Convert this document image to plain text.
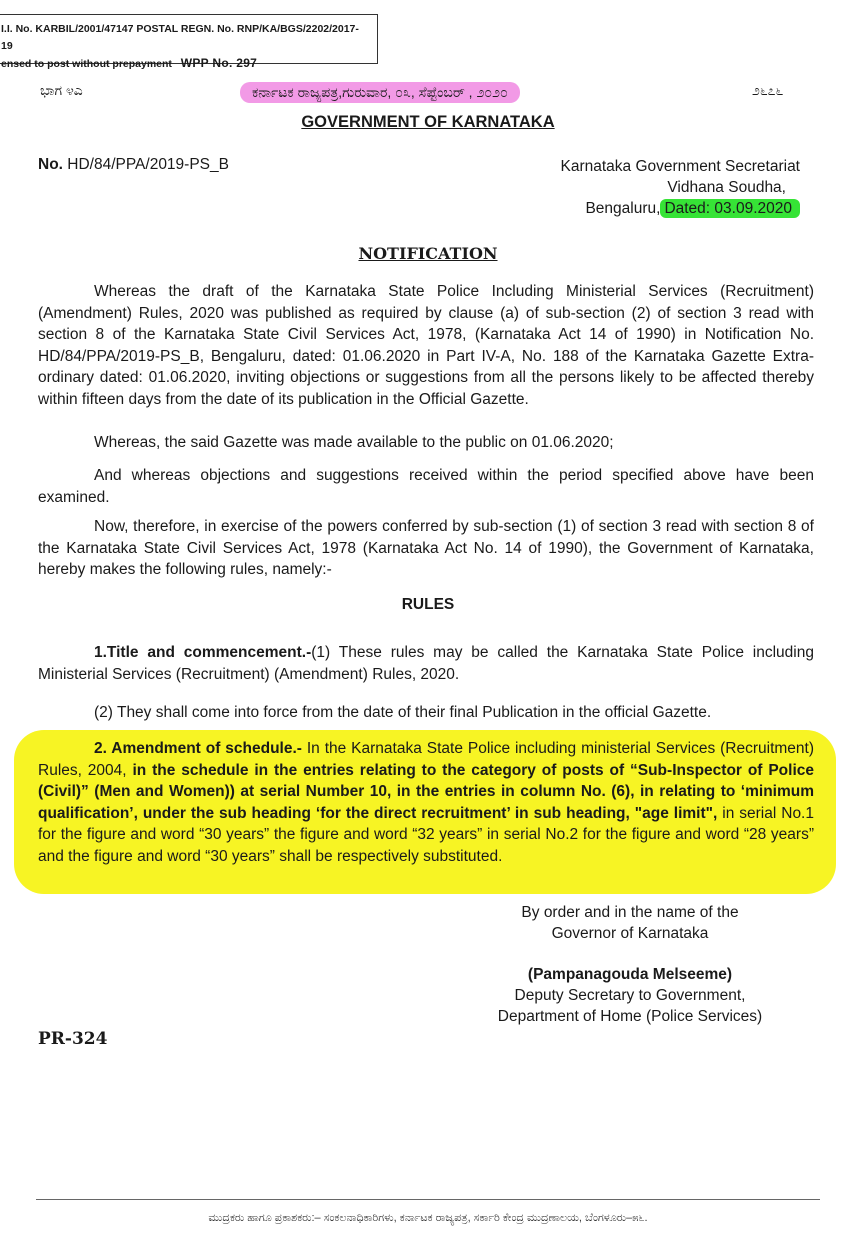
I.I. No. KARBIL/2001/47147 POSTAL REGN. No. RNP/KA/BGS/2202/2017-19
ensed to post without prepayment WPP No. 297
ಭಾಗ ೪ಎ	ಕರ್ನಾಟಕ ರಾಜ್ಯಪತ್ರ,ಗುರುವಾರ, ೦೩, ಸೆಪ್ಟೆಂಬರ್ , ೨೦೨೦	೨೬೭೬
GOVERNMENT OF KARNATAKA
No. HD/84/PPA/2019-PS_B	Karnataka Government Secretariat
Vidhana Soudha,
Bengaluru, Dated: 03.09.2020
NOTIFICATION
Whereas the draft of the Karnataka State Police Including Ministerial Services (Recruitment) (Amendment) Rules, 2020 was published as required by clause (a) of sub-section (2) of section 3 read with section 8 of the Karnataka State Civil Services Act, 1978, (Karnataka Act 14 of 1990) in Notification No. HD/84/PPA/2019-PS_B, Bengaluru, dated: 01.06.2020 in Part IV-A, No. 188 of the Karnataka Gazette Extra-ordinary dated: 01.06.2020, inviting objections or suggestions from all the persons likely to be affected thereby within fifteen days from the date of its publication in the Official Gazette.
Whereas, the said Gazette was made available to the public on 01.06.2020;
And whereas objections and suggestions received within the period specified above have been examined.
Now, therefore, in exercise of the powers conferred by sub-section (1) of section 3 read with section 8 of the Karnataka State Civil Services Act, 1978 (Karnataka Act No. 14 of 1990), the Government of Karnataka, hereby makes the following rules, namely:-
RULES
1.Title and commencement.-(1) These rules may be called the Karnataka State Police including Ministerial Services (Recruitment) (Amendment) Rules, 2020.
(2) They shall come into force from the date of their final Publication in the official Gazette.
2. Amendment of schedule.- In the Karnataka State Police including ministerial Services (Recruitment) Rules, 2004, in the schedule in the entries relating to the category of posts of “Sub-Inspector of Police (Civil)” (Men and Women)) at serial Number 10, in the entries in column No. (6), in relating to ‘minimum qualification’, under the sub heading ‘for the direct recruitment’ in sub heading, "age limit", in serial No.1 for the figure and word “30 years” the figure and word “32 years” in serial No.2 for the figure and word “28 years” and the figure and word “30 years” shall be respectively substituted.
By order and in the name of the
Governor of Karnataka
(Pampanagouda Melseeme)
Deputy Secretary to Government,
Department of Home (Police Services)
PR-324
ಮುದ್ರಕರು ಹಾಗೂ ಪ್ರಕಾಶಕರು:– ಸಂಕಲನಾಧಿಕಾರಿಗಳು, ಕರ್ನಾಟಕ ರಾಜ್ಯಪತ್ರ, ಸರ್ಕಾರಿ ಕೇಂದ್ರ ಮುದ್ರಣಾಲಯ, ಬೆಂಗಳೂರು–೫೬.
